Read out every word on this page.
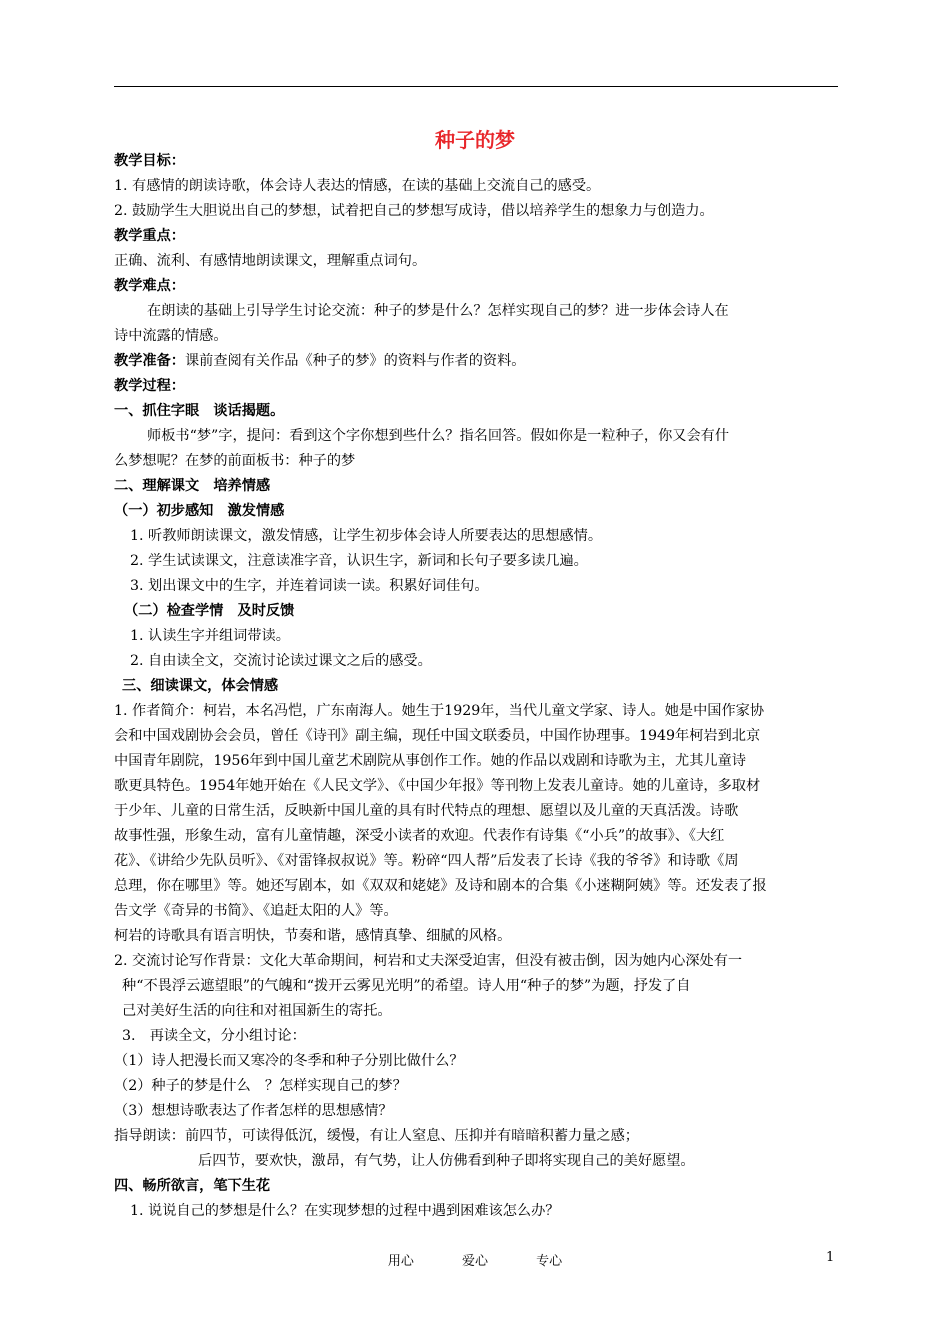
种子的梦
教学目标：
1. 有感情的朗读诗歌，体会诗人表达的情感，在读的基础上交流自己的感受。
2. 鼓励学生大胆说出自己的梦想，试着把自己的梦想写成诗，借以培养学生的想象力与创造力。
教学重点：
正确、流利、有感情地朗读课文，理解重点词句。
教学难点：
在朗读的基础上引导学生讨论交流：种子的梦是什么？怎样实现自己的梦？进一步体会诗人在
诗中流露的情感。
教学准备：课前查阅有关作品《种子的梦》的资料与作者的资料。
教学过程：
一、抓住字眼　谈话揭题。
师板书“梦”字，提问：看到这个字你想到些什么？指名回答。假如你是一粒种子，你又会有什
么梦想呢？在梦的前面板书：种子的梦
二、理解课文　培养情感
（一）初步感知　激发情感
1. 听教师朗读课文，激发情感，让学生初步体会诗人所要表达的思想感情。
2. 学生试读课文，注意读准字音，认识生字，新词和长句子要多读几遍。
3. 划出课文中的生字，并连着词读一读。积累好词佳句。
（二）检查学情　及时反馈
1. 认读生字并组词带读。
2. 自由读全文，交流讨论读过课文之后的感受。
三、细读课文，体会情感
1. 作者简介：柯岩，本名冯恺，广东南海人。她生于1929年，当代儿童文学家、诗人。她是中国作家协
会和中国戏剧协会会员，曾任《诗刊》副主编，现任中国文联委员，中国作协理事。1949年柯岩到北京
中国青年剧院，1956年到中国儿童艺术剧院从事创作工作。她的作品以戏剧和诗歌为主，尤其儿童诗
歌更具特色。1954年她开始在《人民文学》、《中国少年报》等刊物上发表儿童诗。她的儿童诗，多取材
于少年、儿童的日常生活，反映新中国儿童的具有时代特点的理想、愿望以及儿童的天真活泼。诗歌
故事性强，形象生动，富有儿童情趣，深受小读者的欢迎。代表作有诗集《“小兵”的故事》、《大红
花》、《讲给少先队员听》、《对雷锋叔叔说》等。粉碎“四人帮”后发表了长诗《我的爷爷》和诗歌《周
总理，你在哪里》等。她还写剧本，如《双双和姥姥》及诗和剧本的合集《小迷糊阿姨》等。还发表了报
告文学《奇异的书简》、《追赶太阳的人》等。
柯岩的诗歌具有语言明快，节奏和谐，感情真挚、细腻的风格。
2. 交流讨论写作背景：文化大革命期间，柯岩和丈夫深受迫害，但没有被击倒，因为她内心深处有一
种“不畏浮云遮望眼”的气魄和“拨开云雾见光明”的希望。诗人用“种子的梦”为题，抒发了自
己对美好生活的向往和对祖国新生的寄托。
3.　再读全文，分小组讨论：
（1）诗人把漫长而又寒冷的冬季和种子分别比做什么？
（2）种子的梦是什么　？怎样实现自己的梦？
（3）想想诗歌表达了作者怎样的思想感情？
指导朗读：前四节，可读得低沉，缓慢，有让人窒息、压抑并有暗暗积蓄力量之感；
后四节，要欢快，激昂，有气势，让人仿佛看到种子即将实现自己的美好愿望。
四、畅所欲言，笔下生花
1. 说说自己的梦想是什么？在实现梦想的过程中遇到困难该怎么办？
用心	爱心	专心	1
